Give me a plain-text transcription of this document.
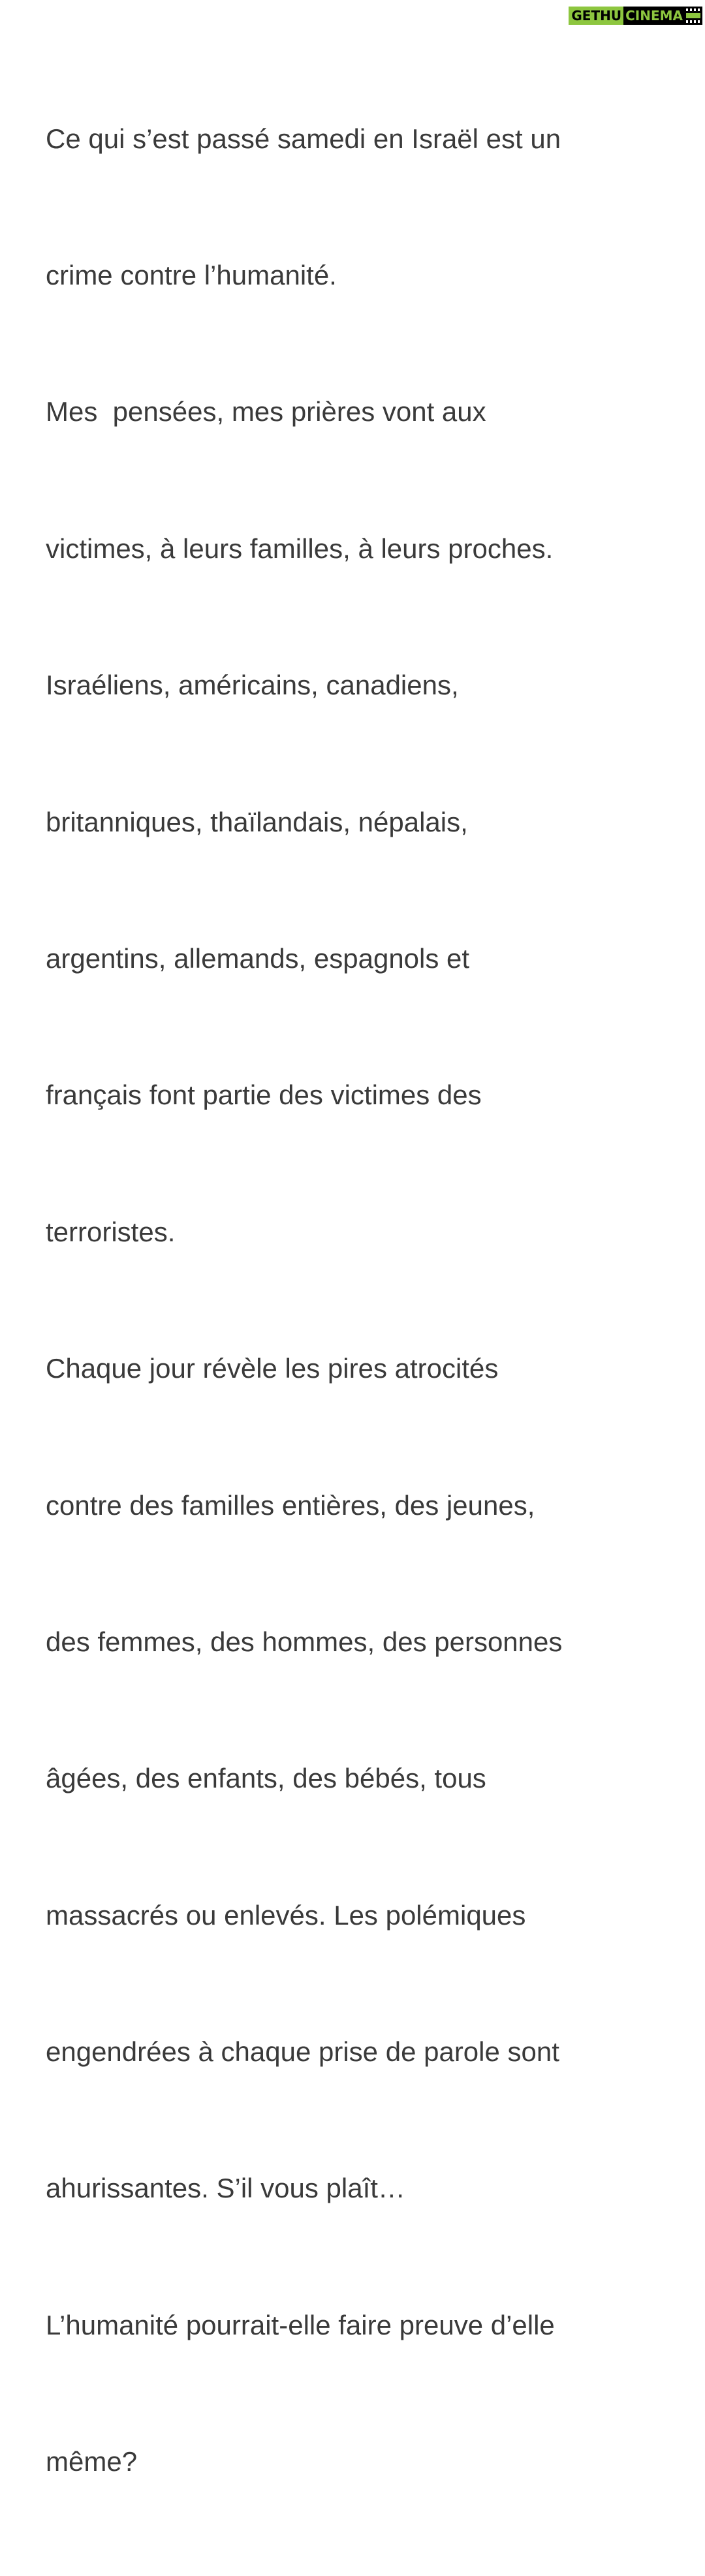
GETHU CINEMA

Ce qui s’est passé samedi en Israël est un

crime contre l’humanité.

Mes  pensées, mes prières vont aux

victimes, à leurs familles, à leurs proches.

Israéliens, américains, canadiens,

britanniques, thaïlandais, népalais,

argentins, allemands, espagnols et

français font partie des victimes des

terroristes.

Chaque jour révèle les pires atrocités

contre des familles entières, des jeunes,

des femmes, des hommes, des personnes

âgées, des enfants, des bébés, tous

massacrés ou enlevés. Les polémiques

engendrées à chaque prise de parole sont

ahurissantes. S’il vous plaît…

L’humanité pourrait-elle faire preuve d’elle

même?
